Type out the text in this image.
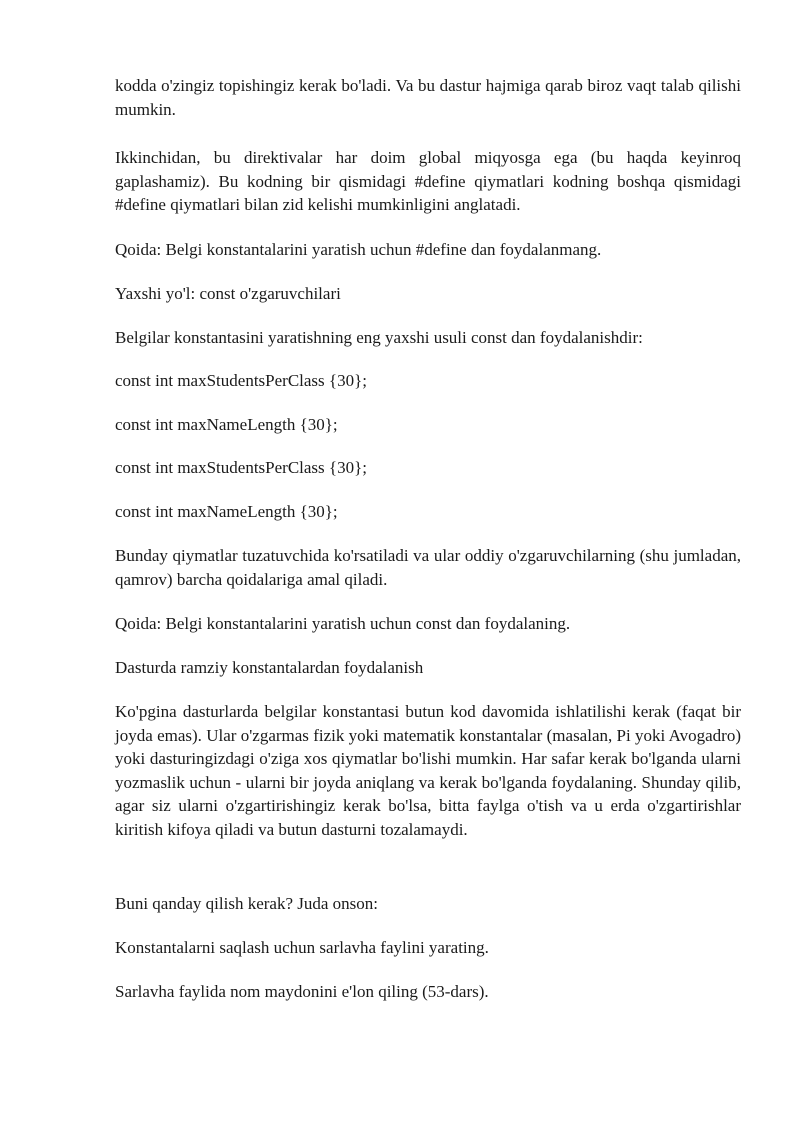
kodda o'zingiz topishingiz kerak bo'ladi. Va bu dastur hajmiga qarab biroz vaqt talab qilishi mumkin.

Ikkinchidan, bu direktivalar har doim global miqyosga ega (bu haqda keyinroq gaplashamiz). Bu kodning bir qismidagi #define qiymatlari kodning boshqa qismidagi #define qiymatlari bilan zid kelishi mumkinligini anglatadi.

Qoida: Belgi konstantalarini yaratish uchun #define dan foydalanmang.

Yaxshi yo'l: const o'zgaruvchilari

Belgilar konstantasini yaratishning eng yaxshi usuli const dan foydalanishdir:

const int maxStudentsPerClass {30};

const int maxNameLength {30};

const int maxStudentsPerClass {30};

const int maxNameLength {30};

Bunday qiymatlar tuzatuvchida ko'rsatiladi va ular oddiy o'zgaruvchilarning (shu jumladan, qamrov) barcha qoidalariga amal qiladi.

Qoida: Belgi konstantalarini yaratish uchun const dan foydalaning.

Dasturda ramziy konstantalardan foydalanish

Ko'pgina dasturlarda belgilar konstantasi butun kod davomida ishlatilishi kerak (faqat bir joyda emas). Ular o'zgarmas fizik yoki matematik konstantalar (masalan, Pi yoki Avogadro) yoki dasturingizdagi o'ziga xos qiymatlar bo'lishi mumkin. Har safar kerak bo'lganda ularni yozmaslik uchun - ularni bir joyda aniqlang va kerak bo'lganda foydalaning. Shunday qilib, agar siz ularni o'zgartirishingiz kerak bo'lsa, bitta faylga o'tish va u erda o'zgartirishlar kiritish kifoya qiladi va butun dasturni tozalamaydi.

Buni qanday qilish kerak? Juda onson:

Konstantalarni saqlash uchun sarlavha faylini yarating.

Sarlavha faylida nom maydonini e'lon qiling (53-dars).
